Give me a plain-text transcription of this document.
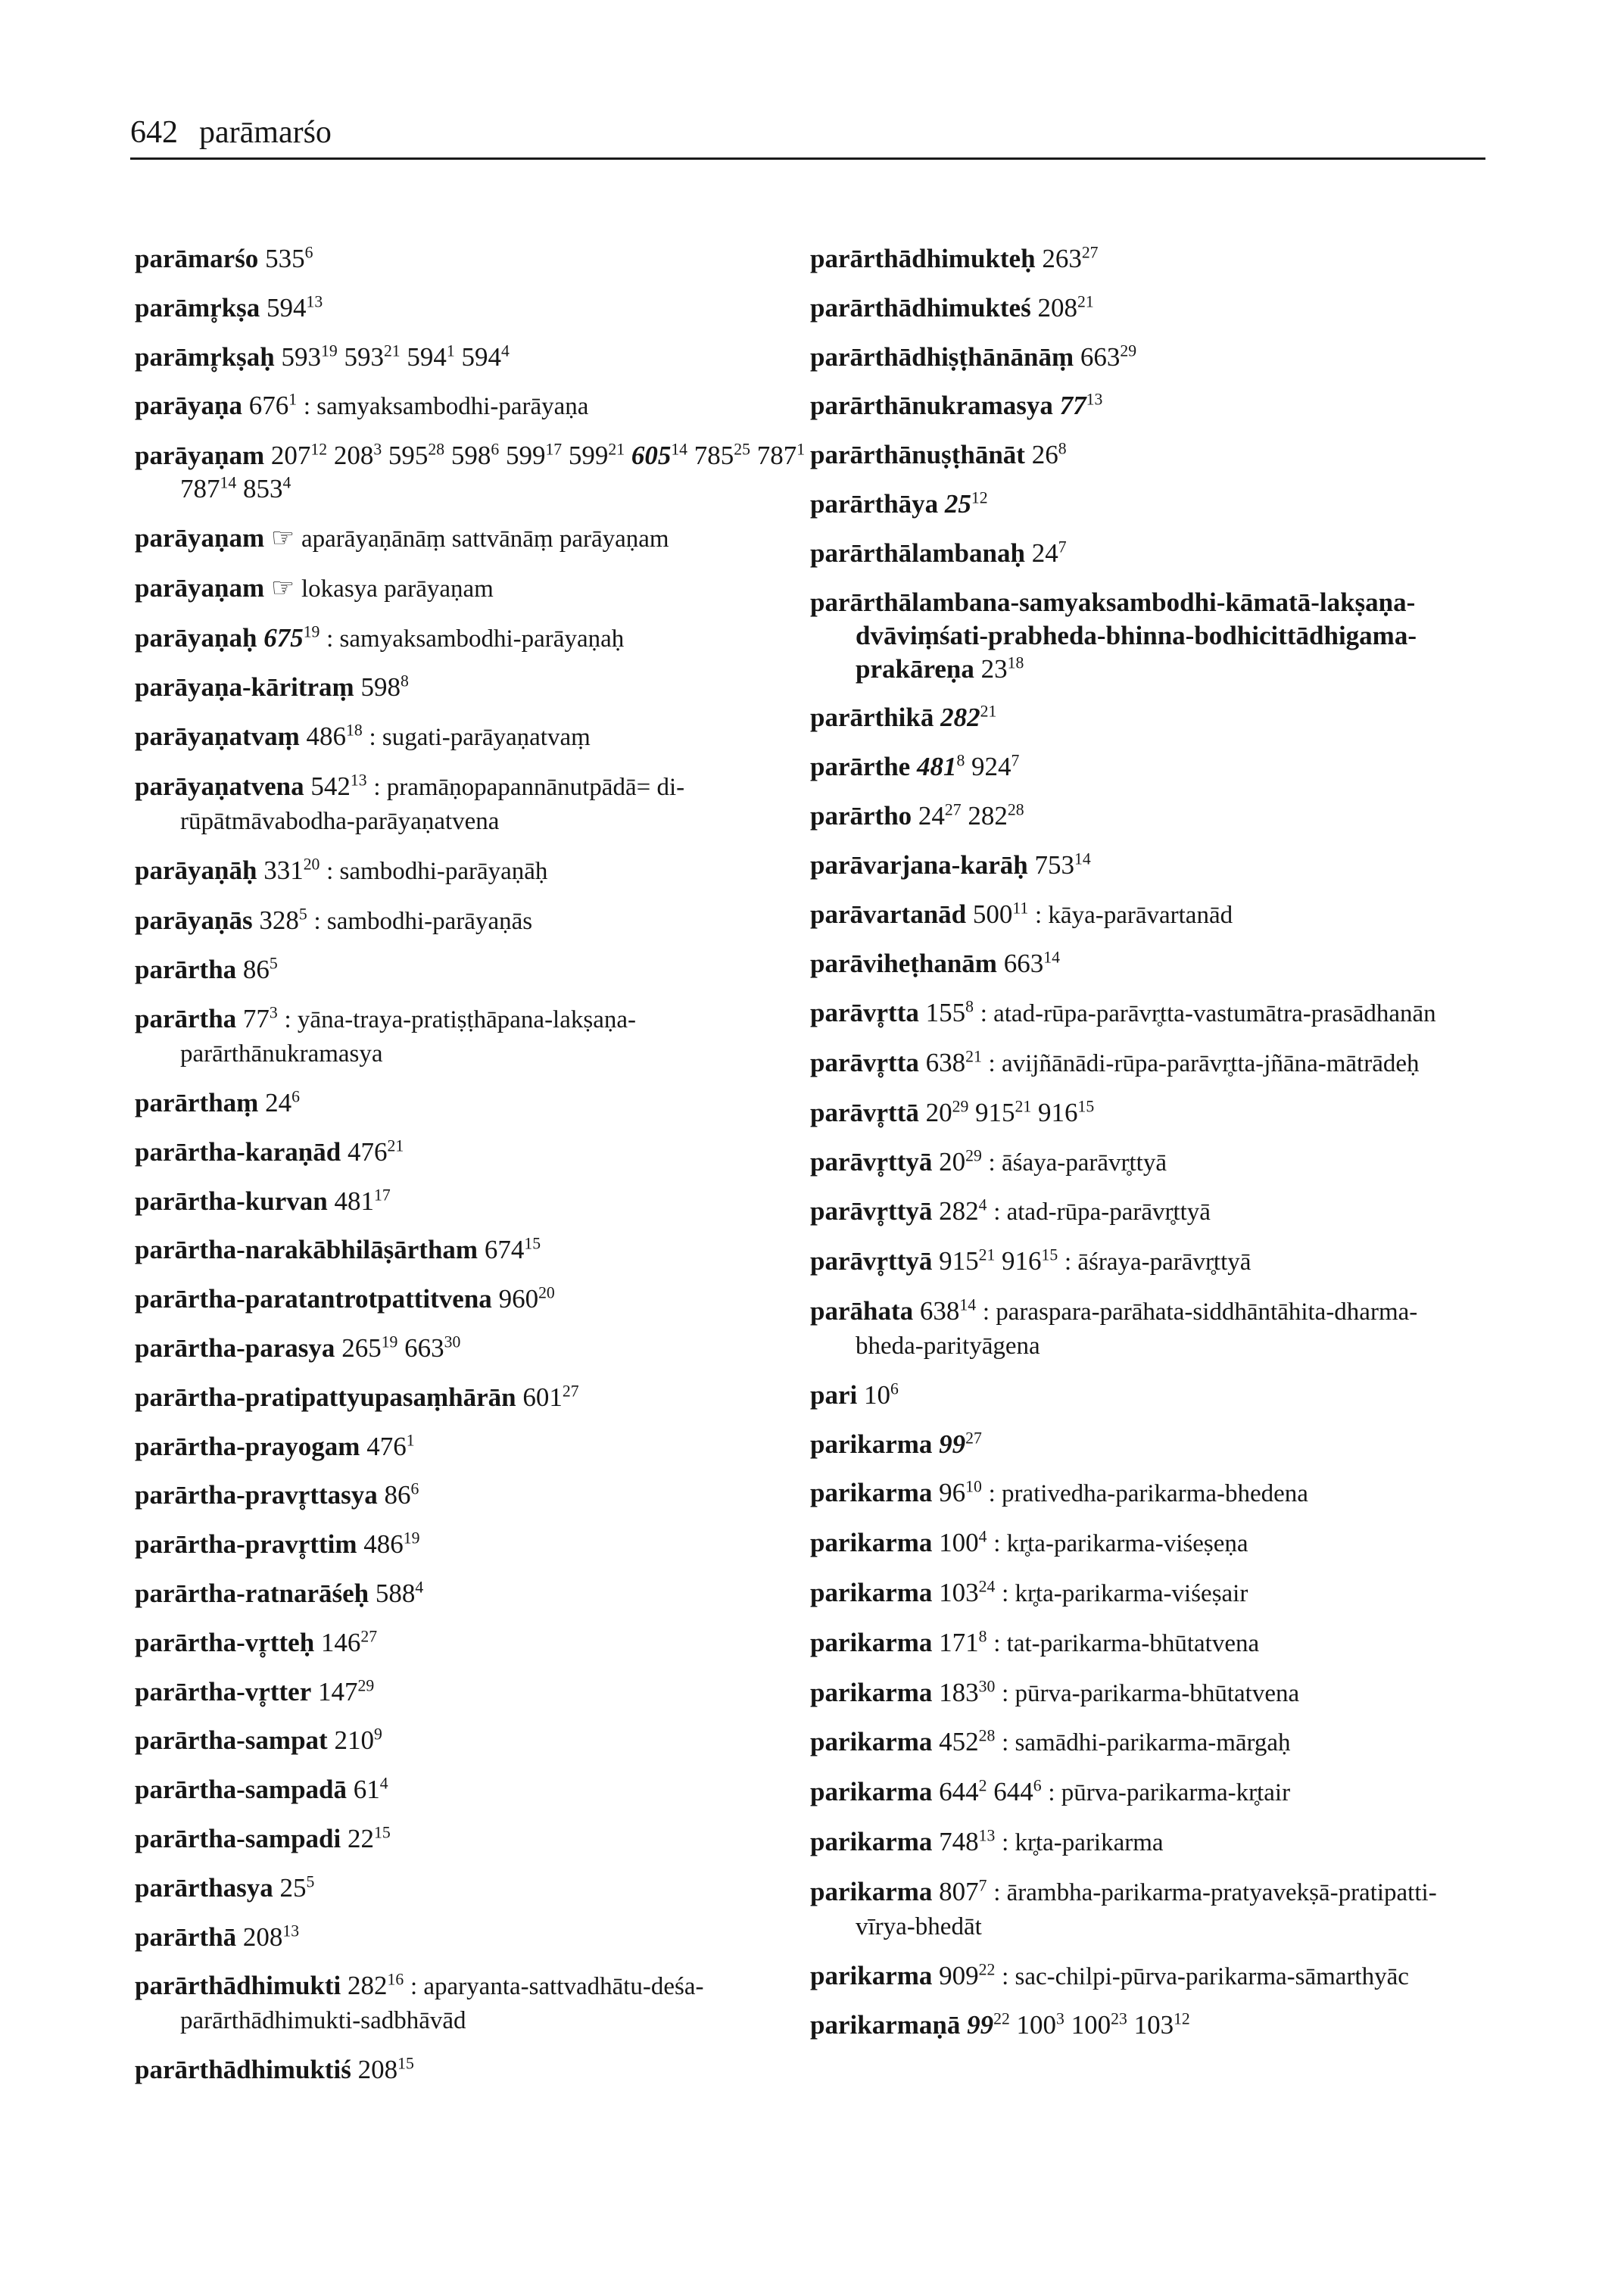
642 parāmarśo
parāmarśo $535^6$
parāmr̥kṣa $594^{13}$
parāmr̥kṣaḥ $593^{19}$ $593^{21}$ $594^1$ $594^4$
parāyaṇa $676^1$ : samyaksambodhi-parāyaṇa
parāyaṇam $207^{12}$ $208^3$ $595^{28}$ $598^6$ $599^{17}$ $599^{21}$ $605^{14}$ $785^{25}$ $787^1$ $787^{14}$ $853^4$
parāyaṇam ☞ aparāyaṇānāṃ sattvānāṃ parāyaṇam
parāyaṇam ☞ lokasya parāyaṇam
parāyaṇaḥ $675^{19}$ : samyaksambodhi-parāyaṇaḥ
parāyaṇa-kāritraṃ $598^8$
parāyaṇatvaṃ $486^{18}$ : sugati-parāyaṇatvaṃ
parāyaṇatvena $542^{13}$ : pramāṇopapannānutpādā= di-rūpātmāvabodha-parāyaṇatvena
parāyaṇāḥ $331^{20}$ : sambodhi-parāyaṇāḥ
parāyaṇās $328^5$ : sambodhi-parāyaṇās
parārtha $86^5$
parārtha $77^3$ : yāna-traya-pratiṣṭhāpana-lakṣaṇa-parārthānukramasya
parārthaṃ $24^6$
parārtha-karaṇād $476^{21}$
parārtha-kurvan $481^{17}$
parārtha-narakābhilāṣārtham $674^{15}$
parārtha-paratantrotpattitvena $960^{20}$
parārtha-parasya $265^{19}$ $663^{30}$
parārtha-pratipattyupasaṃhārān $601^{27}$
parārtha-prayogam $476^1$
parārtha-pravr̥ttasya $86^6$
parārtha-pravr̥ttim $486^{19}$
parārtha-ratnarāśeḥ $588^4$
parārtha-vr̥tteḥ $146^{27}$
parārtha-vr̥tter $147^{29}$
parārtha-sampat $210^9$
parārtha-sampadā $61^4$
parārtha-sampadi $22^{15}$
parārthasya $25^5$
parārthā $208^{13}$
parārthādhimukti $282^{16}$ : aparyanta-sattvadhātu-deśa-parārthādhimukti-sadbhāvād
parārthādhimuktiś $208^{15}$
parārthādhimukteḥ $263^{27}$
parārthādhimukteś $208^{21}$
parārthādhiṣṭhānānāṃ $663^{29}$
parārthānukramasya $77^{13}$
parārthānuṣṭhānāt $26^8$
parārthāya $25^{12}$
parārthālambanaḥ $24^7$
parārthālambana-samyaksambodhi-kāmatā-lakṣaṇa-dvāviṃśati-prabheda-bhinna-bodhicittādhigama-prakāreṇa $23^{18}$
parārthikā $282^{21}$
parārthe $481^8$ $924^7$
parārtho $24^{27}$ $282^{28}$
parāvarjana-karāḥ $753^{14}$
parāvartanād $500^{11}$ : kāya-parāvartanād
parāviheṭhanām $663^{14}$
parāvr̥tta $155^8$ : atad-rūpa-parāvr̥tta-vastumātra-prasādhanān
parāvr̥tta $638^{21}$ : avijñānādi-rūpa-parāvr̥tta-jñāna-mātrādeḥ
parāvr̥ttā $20^{29}$ $915^{21}$ $916^{15}$
parāvr̥ttyā $20^{29}$ : āśaya-parāvr̥ttyā
parāvr̥ttyā $282^4$ : atad-rūpa-parāvr̥ttyā
parāvr̥ttyā $915^{21}$ $916^{15}$ : āśraya-parāvr̥ttyā
parāhata $638^{14}$ : paraspara-parāhata-siddhāntāhita-dharma-bheda-parityāgena
pari $10^6$
parikarma $99^{27}$
parikarma $96^{10}$ : prativedha-parikarma-bhedena
parikarma $100^4$ : kr̥ta-parikarma-viśeṣeṇa
parikarma $103^{24}$ : kr̥ta-parikarma-viśeṣair
parikarma $171^8$ : tat-parikarma-bhūtatvena
parikarma $183^{30}$ : pūrva-parikarma-bhūtatvena
parikarma $452^{28}$ : samādhi-parikarma-mārgaḥ
parikarma $644^2$ $644^6$ : pūrva-parikarma-kr̥tair
parikarma $748^{13}$ : kr̥ta-parikarma
parikarma $807^7$ : ārambha-parikarma-pratyavekṣā-pratipatti-vīrya-bhedāt
parikarma $909^{22}$ : sac-chilpi-pūrva-parikarma-sāmarthyāc
parikarmaṇā $99^{22}$ $100^3$ $100^{23}$ $103^{12}$
